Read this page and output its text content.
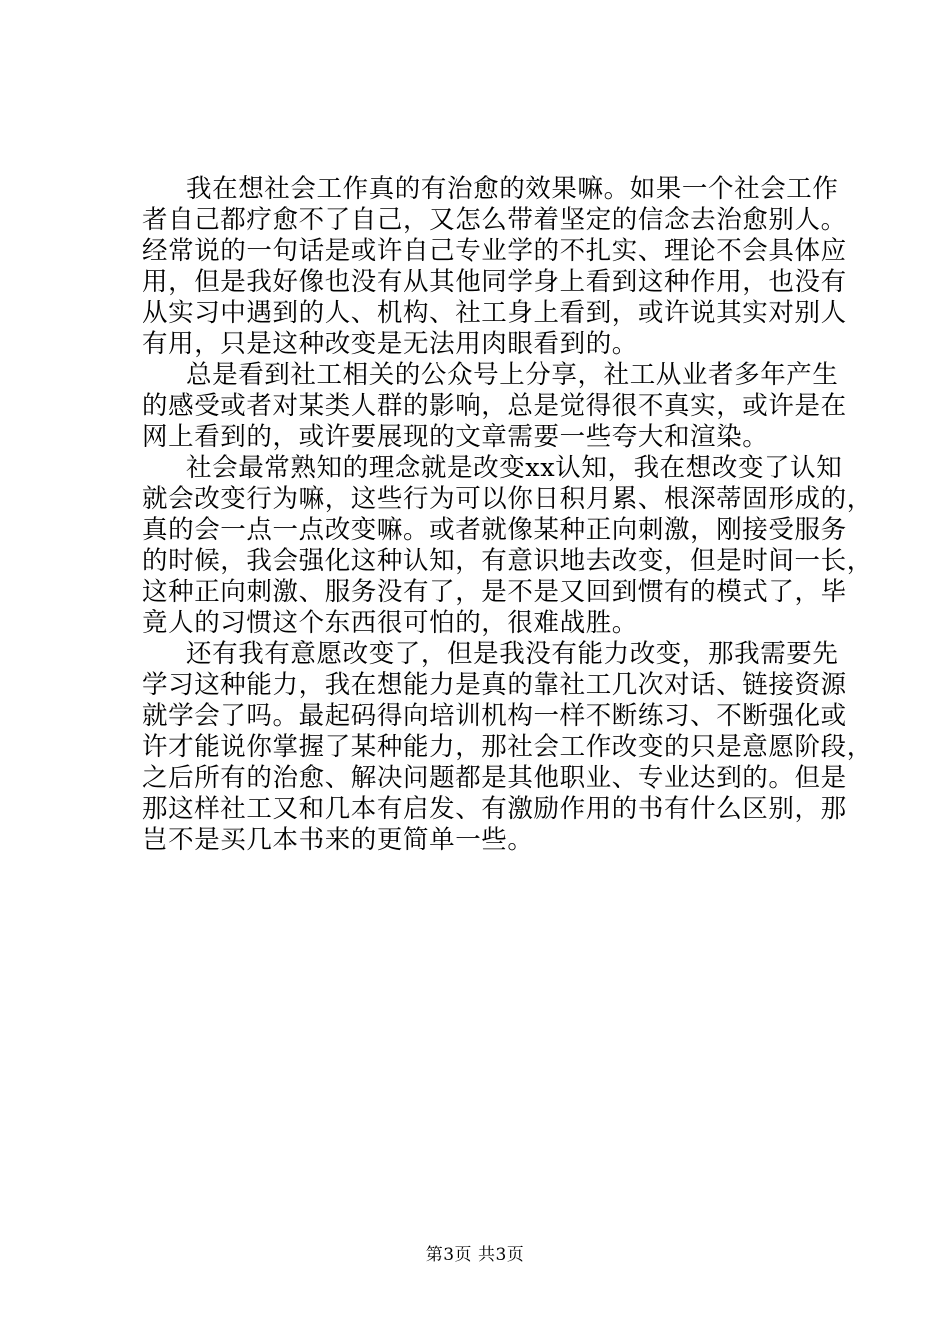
我在想社会工作真的有治愈的效果嘛。如果一个社会工作
者自己都疗愈不了自己，又怎么带着坚定的信念去治愈别人。
经常说的一句话是或许自己专业学的不扎实、理论不会具体应
用，但是我好像也没有从其他同学身上看到这种作用，也没有
从实习中遇到的人、机构、社工身上看到，或许说其实对别人
有用，只是这种改变是无法用肉眼看到的。
总是看到社工相关的公众号上分享，社工从业者多年产生
的感受或者对某类人群的影响，总是觉得很不真实，或许是在
网上看到的，或许要展现的文章需要一些夸大和渲染。
社会最常熟知的理念就是改变xx认知，我在想改变了认知
就会改变行为嘛，这些行为可以你日积月累、根深蒂固形成的，
真的会一点一点改变嘛。或者就像某种正向刺激，刚接受服务
的时候，我会强化这种认知，有意识地去改变，但是时间一长，
这种正向刺激、服务没有了，是不是又回到惯有的模式了，毕
竟人的习惯这个东西很可怕的，很难战胜。
还有我有意愿改变了，但是我没有能力改变，那我需要先
学习这种能力，我在想能力是真的靠社工几次对话、链接资源
就学会了吗。最起码得向培训机构一样不断练习、不断强化或
许才能说你掌握了某种能力，那社会工作改变的只是意愿阶段，
之后所有的治愈、解决问题都是其他职业、专业达到的。但是
那这样社工又和几本有启发、有激励作用的书有什么区别，那
岂不是买几本书来的更简单一些。
第3页 共3页
